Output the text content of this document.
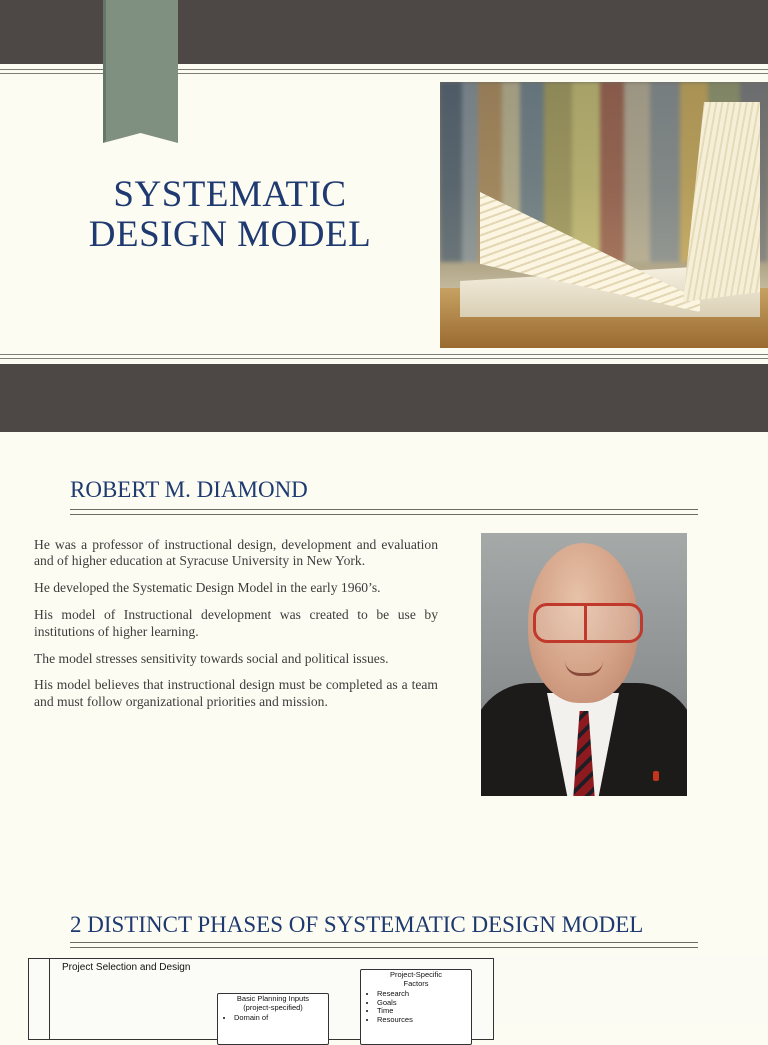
SYSTEMATIC
DESIGN MODEL
ROBERT M. DIAMOND

He was a professor of instructional design, development and evaluation and of higher education at Syracuse University in New York.

He developed the Systematic Design Model in the early 1960’s.

His model of Instructional development was created to be use by institutions of higher learning.

The model stresses sensitivity towards social and political issues.

His model believes that instructional design must be completed as a team and must follow organizational priorities and mission.

2 DISTINCT PHASES OF SYSTEMATIC DESIGN MODEL
Project Selection and Design
Basic Planning Inputs
(project-specified)
• Domain of
Project-Specific
Factors
• Research
• Goals
• Time
• Resources
